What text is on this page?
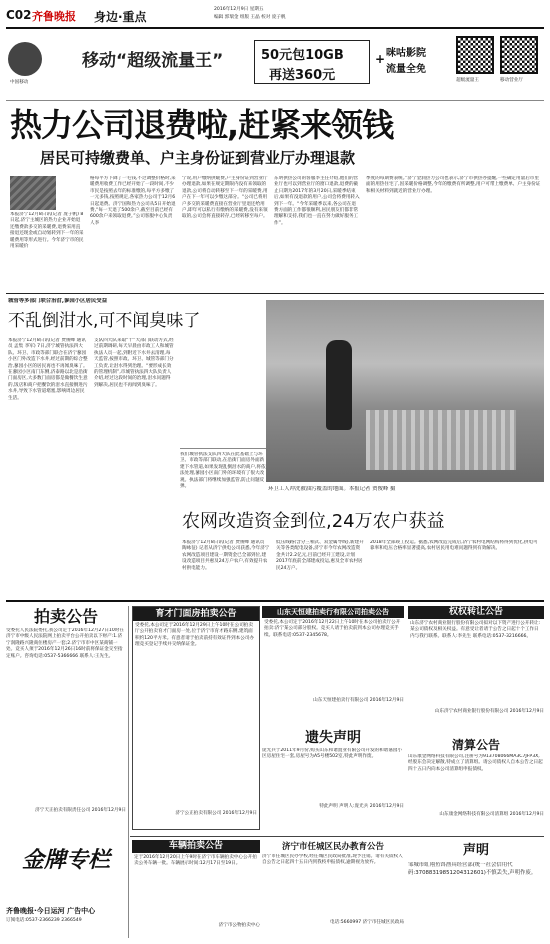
C02 齐鲁晚报 身边·重点
2016年12月9日 星期五
编辑 郭瑞金 组版 王晶 校对 庞子帆
中国移动
移动“超级流量王”	50元包10GB
再送360元
+ 咪咕影院
流量全免
超级流量王	移动营业厅
热力公司退费啦,赶紧来领钱
居民可持缴费单、户主身份证到营业厅办理退款
本报济宁12月8日讯(记者 庞子帆) 8日起,济宁主城区的热力企业开始退还缴费款多交的采暖费,退费采用直接退还现金或自动划转到下一年的采暖费用等形式进行。今年济宁市的民用采暖价
格每平方下降了一毛钱,不过调整价格时,采暖费用收费工作已经开始了一段时间,不少市民是按照去年的标准缴的,每平方多缴了一元多钱,按照规定,各家热力公司于12月6日起退费。济宁国和热力公司从5日开始退费,“每一天退了500余户,截至目前已经有600余户来领取退费。”公司客服中心负责人李
宁说,用户缴纳供暖费,户主身份证到营业厅办理退款,如果在规定期限内没有来领取的退款,公司将自动转移至下一年的采暖费,用户在下一年可以少缴这部分。“公司已将用户多交的采暖费直接在营业厅里退还给用户,即年可以私行有缴纳的采暖费,没有来领取的,公司会将直接转存,已经转移至每户。
东明供热公司的客服李主任介绍,他们的营业厅也可以到营业厅的窗口退款,退费的截止日期为2017年的3月20日,采暖季结束后,如果有没退款的用户,公司会将费用转入到下一年。“今年采暖季以来,各公司在退费方面的工作都很顺利,居民朋友们都非常理解和支持,我们也一直在努力做好服务工作”。
季度的每期费表统。”济宁金润热力公司也表示,济宁市供热办提醒,一些确定用量后市里面的用热住宅了,因采暖价格调整,今年的缴费有所调整,用户可带上缴费单、户主身份证和相关材料到就近的营业厅办理。
城管等多部门联合治泔,蓼园小区居民受益
不乱倒泔水,可不闻臭味了
本报济宁12月8日讯(记者 贾俊峰 通讯员 孟集 李军) 7日,济宁城管执法四大队、环卫、市政等部门联合在济宁蓼园小区门外改造下水井,经过前期的综合整治,蓼园小区的居民再也不再闻臭味了。在蓼园小区南门东侧,济泰路以北是沿街门面房区,大多数门面房都是做餐饮生意的,饭店和商户把餐饮的泔水直接倒进污水井,导致下水管道堵塞,影响周边居民生活。
支队四大队来取“十”大部门联动方式,经过前期调研,每天早晨由市政工人和城管执法人员一起,到附近下水井去清理,每天监管,按照市政、环卫、城管等部门分工负责,让泔水得到治理。“要形成长效的管理机制”,市城管执法四大队负责人介绍,经过这段时间的治理,泔水问题得到解决,居民也不再闻到臭味了。
我们城管执法支队四大队在此基础上与环卫、市政等部门联动,在沿街门面房外面新建下水管道,如果发现乱倒泔水的商户,将依法处理,蓼园小区南门外的环境有了很大改观。执法部门将继续加强监管,防止问题反弹。	环卫工人冲洗被油污覆盖的地面。本报记者 贾俊峰 摄
农网改造资金到位,24万农户获益
本报济宁12月8日讯(记者 贾俊峰 通讯员 陶咏征) 记者从济宁供电公司获悉,今年济宁农网改造项目建设一期资金已全部到位,建设改造项目共惠及24万户农户,有效提升农村供电能力。
低压线路(含分三相式、双金属导线),新建开关等各类配电设备,济宁市今年农网改造资金共计2.2亿元,目前已经开工建设,计划2017年底前全部建成投运,惠及全市农村居民24万户。
2018年全部竣工投运。据悉,农网改造完成后,济宁农村电网结构将得到优化,供电可靠率和电压合格率显著提高,农村居民用电难问题得到有效解决。
拍卖公告
受委托人民法院委托,我公司定于2016年12月27日10时在济宁市中级人民法院网上拍卖平台公开拍卖以下财产:1.济宁润隆路兴隆商住楼房产一套;2.济宁市市中区某商铺一处。竞买人须于2016年12月26日16时前将保证金交至指定账户。咨询电话:0537-5366666 联系人:王先生。
济宁天正拍卖有限责任公司 2016年12月9日
育才门面房拍卖公告
受委托,本公司定于2016年12月29日上午10时在公司拍卖厅公开拍卖育才门面房一处,位于济宁市育才路东侧,建筑面积约120平方米。有意者请于拍卖前持有效证件到本公司办理竞买登记手续并交纳保证金。
济宁公正拍卖有限公司 2016年12月9日
山东天恒建拍卖行有限公司拍卖公告
受委托,本公司定于2016年12月22日上午10时在本公司拍卖厅公开拍卖:济宁某公司部分股权。竞买人请于拍卖前到本公司办理竞买手续。联系电话:0537-2345678。
山东天恒建拍卖行有限公司 2016年12月9日
权权转让公告
山东济宁农村商业银行股份有限公司拟对以下资产进行公开转让:某公司债权及相关权益。有意受让者请于公告之日起十个工作日内与我行联系。联系人:李先生 联系电话:0537-3216666。
山东济宁农村商业银行股份有限公司 2016年12月9日
遗失声明
庞光兵于2011年9月份,购买山东和谐置业有限公司开发的和谐嘉园小区房屋住宅一套,房屋号为A5号楼502室,特此声明作废。
特此声明 声明人:庞光兵 2016年12月9日
清算公告
山东康金网络科技有限公司,注册号为913708066MA3C7JFP3X,经股东会决定解散,特成立了清算组。请公司债权人自本公告之日起四十五日内向本公司清算组申报债权。
山东康金网络科技有限公司清算组 2016年12月9日
金牌专栏
齐鲁晚报·今日运河 广告中心
订阅电话:0537-2366239 2366549
车辆拍卖公告
定于2016年12月20日上午9时在济宁市车辆拍卖中心公开拍卖公务车辆一批。车辆展示时间:12月17日至19日。
济宁市公物拍卖中心
济宁市任城区民办教育公告
济宁市任城区民办学校,经任城区民政局批准,现予注销。请有关债权人自公告之日起四十五日内到我校申报债权,逾期视为放弃。
电话:5660997 济宁市任城区民政局
声明
邹城市虹翔鱼饵渔具经营部(统一社会信用代码:37088319851204312601)不慎丢失,声明作废。
